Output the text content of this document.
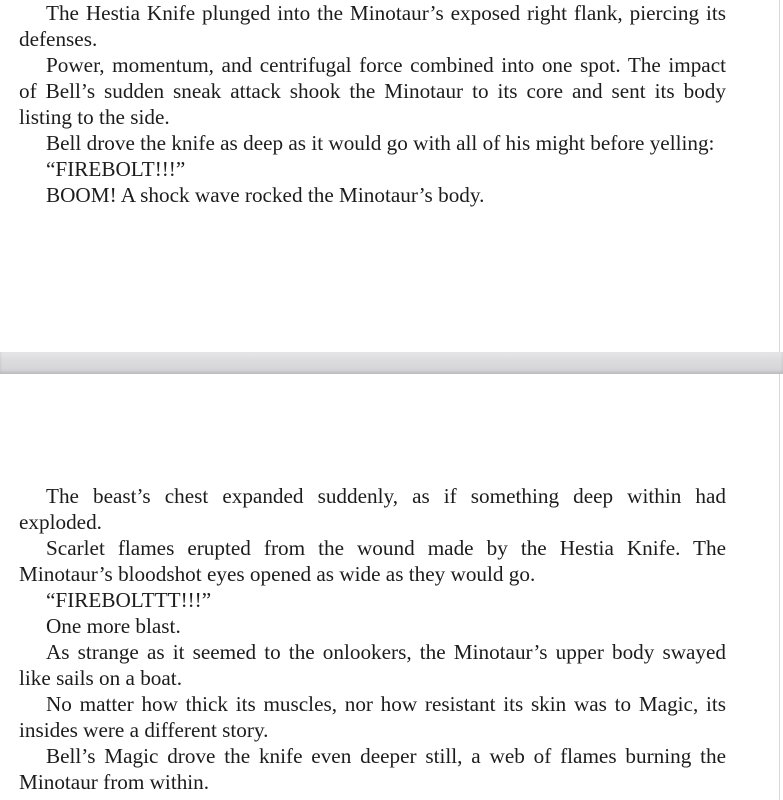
The Hestia Knife plunged into the Minotaur’s exposed right flank, piercing its defenses.

Power, momentum, and centrifugal force combined into one spot. The impact of Bell’s sudden sneak attack shook the Minotaur to its core and sent its body listing to the side.

Bell drove the knife as deep as it would go with all of his might before yelling:

“FIREBOLT!!!”

BOOM! A shock wave rocked the Minotaur’s body.

The beast’s chest expanded suddenly, as if something deep within had exploded.

Scarlet flames erupted from the wound made by the Hestia Knife. The Minotaur’s bloodshot eyes opened as wide as they would go.

“FIREBOLTTT!!!”

One more blast.

As strange as it seemed to the onlookers, the Minotaur’s upper body swayed like sails on a boat.

No matter how thick its muscles, nor how resistant its skin was to Magic, its insides were a different story.

Bell’s Magic drove the knife even deeper still, a web of flames burning the Minotaur from within.
